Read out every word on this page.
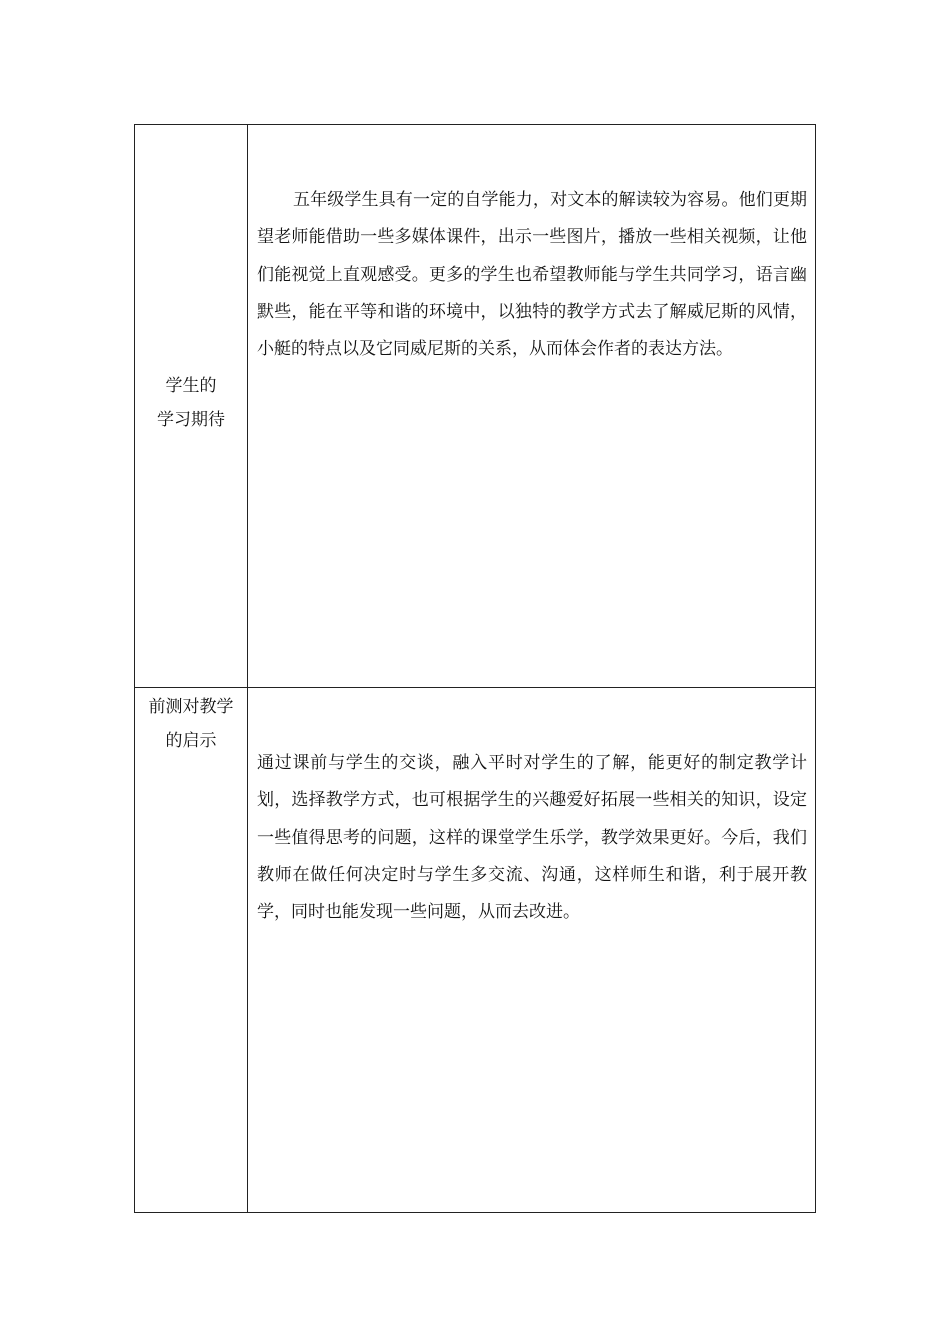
学生的
学习期待	五年级学生具有一定的自学能力，对文本的解读较为容易。他们更期望老师能借助一些多媒体课件，出示一些图片，播放一些相关视频，让他们能视觉上直观感受。更多的学生也希望教师能与学生共同学习，语言幽默些，能在平等和谐的环境中，以独特的教学方式去了解威尼斯的风情，小艇的特点以及它同威尼斯的关系，从而体会作者的表达方法。

前测对教学
的启示	通过课前与学生的交谈，融入平时对学生的了解，能更好的制定教学计划，选择教学方式，也可根据学生的兴趣爱好拓展一些相关的知识，设定一些值得思考的问题，这样的课堂学生乐学，教学效果更好。今后，我们教师在做任何决定时与学生多交流、沟通，这样师生和谐，利于展开教学，同时也能发现一些问题，从而去改进。
